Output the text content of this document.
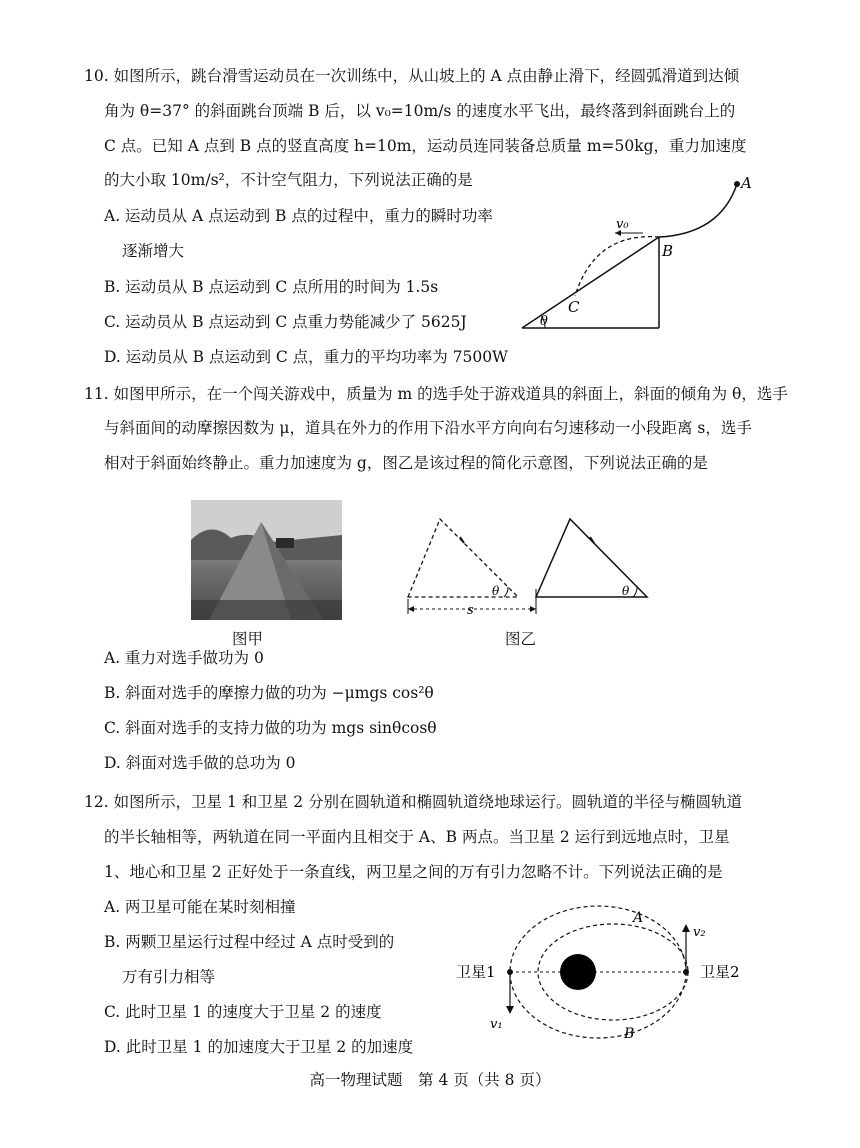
10. 如图所示，跳台滑雪运动员在一次训练中，从山坡上的 A 点由静止滑下，经圆弧滑道到达倾
角为 θ=37° 的斜面跳台顶端 B 后，以 v₀=10m/s 的速度水平飞出，最终落到斜面跳台上的
C 点。已知 A 点到 B 点的竖直高度 h=10m，运动员连同装备总质量 m=50kg，重力加速度
的大小取 10m/s²，不计空气阻力，下列说法正确的是
A. 运动员从 A 点运动到 B 点的过程中，重力的瞬时功率
逐渐增大
B. 运动员从 B 点运动到 C 点所用的时间为 1.5s
C. 运动员从 B 点运动到 C 点重力势能减少了 5625J
D. 运动员从 B 点运动到 C 点，重力的平均功率为 7500W
A
B
C
v₀
θ
11. 如图甲所示，在一个闯关游戏中，质量为 m 的选手处于游戏道具的斜面上，斜面的倾角为 θ，选手
与斜面间的动摩擦因数为 μ，道具在外力的作用下沿水平方向向右匀速移动一小段距离 s，选手
相对于斜面始终静止。重力加速度为 g，图乙是该过程的简化示意图，下列说法正确的是
θ	θ
s
图甲	图乙
A. 重力对选手做功为 0
B. 斜面对选手的摩擦力做的功为 −μmgs cos²θ
C. 斜面对选手的支持力做的功为 mgs sinθcosθ
D. 斜面对选手做的总功为 0
12. 如图所示，卫星 1 和卫星 2 分别在圆轨道和椭圆轨道绕地球运行。圆轨道的半径与椭圆轨道
的半长轴相等，两轨道在同一平面内且相交于 A、B 两点。当卫星 2 运行到远地点时，卫星
1、地心和卫星 2 正好处于一条直线，两卫星之间的万有引力忽略不计。下列说法正确的是
A. 两卫星可能在某时刻相撞
B. 两颗卫星运行过程中经过 A 点时受到的
万有引力相等
C. 此时卫星 1 的速度大于卫星 2 的速度
D. 此时卫星 1 的加速度大于卫星 2 的加速度
卫星1	卫星2
A
B
v₁
v₂
高一物理试题　第 4 页（共 8 页）
